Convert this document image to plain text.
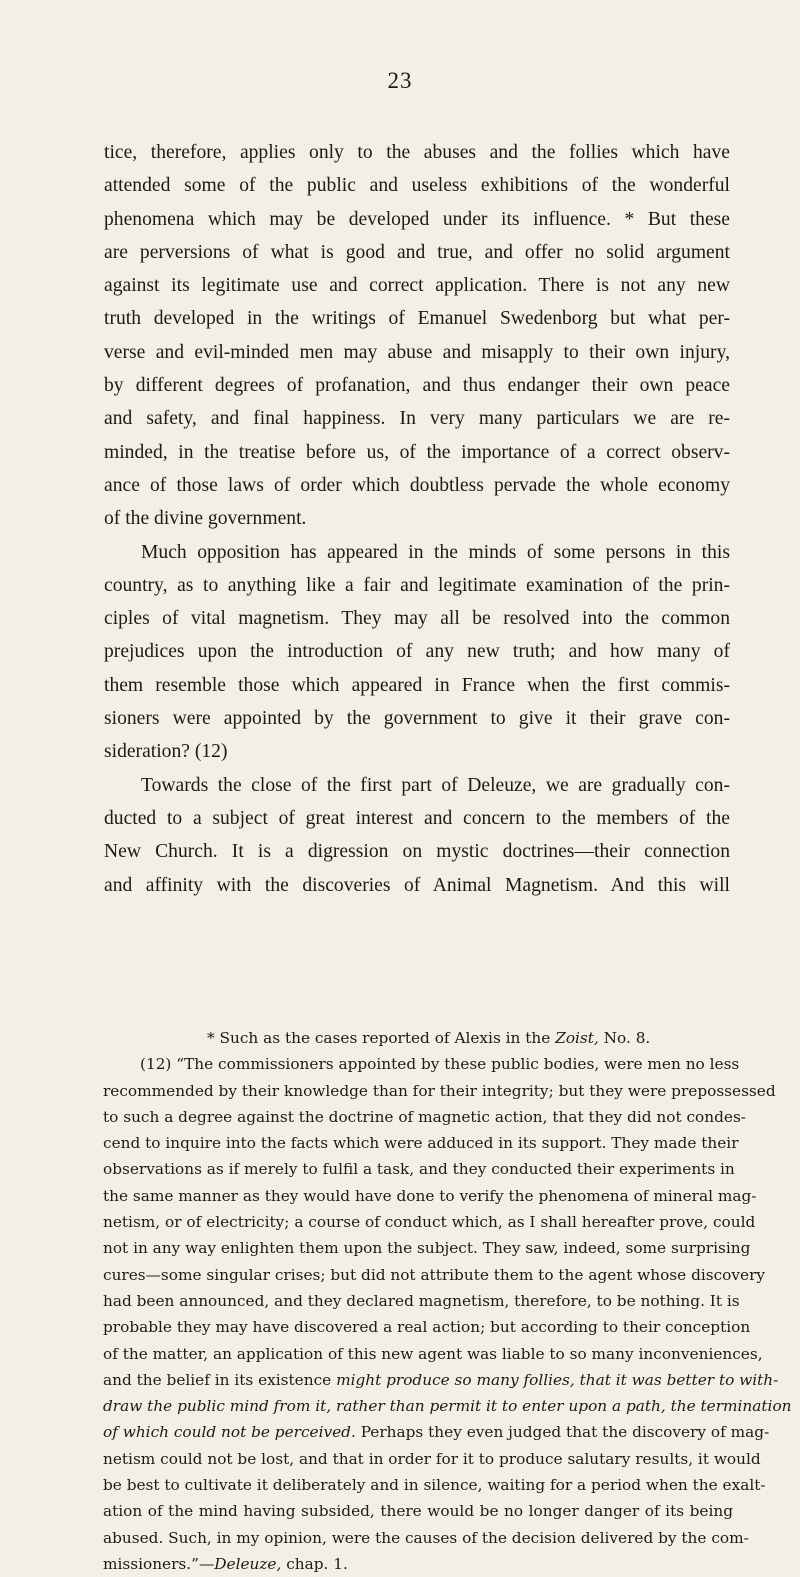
23
tice, therefore, applies only to the abuses and the follies which have
attended some of the public and useless exhibitions of the wonderful
phenomena which may be developed under its influence. * But these
are perversions of what is good and true, and offer no solid argument
against its legitimate use and correct application. There is not any new
truth developed in the writings of Emanuel Swedenborg but what per-
verse and evil-minded men may abuse and misapply to their own injury,
by different degrees of profanation, and thus endanger their own peace
and safety, and final happiness. In very many particulars we are re-
minded, in the treatise before us, of the importance of a correct observ-
ance of those laws of order which doubtless pervade the whole economy
of the divine government.
Much opposition has appeared in the minds of some persons in this
country, as to anything like a fair and legitimate examination of the prin-
ciples of vital magnetism. They may all be resolved into the common
prejudices upon the introduction of any new truth; and how many of
them resemble those which appeared in France when the first commis-
sioners were appointed by the government to give it their grave con-
sideration? (12)
Towards the close of the first part of Deleuze, we are gradually con-
ducted to a subject of great interest and concern to the members of the
New Church. It is a digression on mystic doctrines—their connection
and affinity with the discoveries of Animal Magnetism. And this will
* Such as the cases reported of Alexis in the Zoist, No. 8.
(12) “The commissioners appointed by these public bodies, were men no less
recommended by their knowledge than for their integrity; but they were prepossessed
to such a degree against the doctrine of magnetic action, that they did not condes-
cend to inquire into the facts which were adduced in its support. They made their
observations as if merely to fulfil a task, and they conducted their experiments in
the same manner as they would have done to verify the phenomena of mineral mag-
netism, or of electricity; a course of conduct which, as I shall hereafter prove, could
not in any way enlighten them upon the subject. They saw, indeed, some surprising
cures—some singular crises; but did not attribute them to the agent whose discovery
had been announced, and they declared magnetism, therefore, to be nothing. It is
probable they may have discovered a real action; but according to their conception
of the matter, an application of this new agent was liable to so many inconveniences,
and the belief in its existence might produce so many follies, that it was better to with-
draw the public mind from it, rather than permit it to enter upon a path, the termination
of which could not be perceived. Perhaps they even judged that the discovery of mag-
netism could not be lost, and that in order for it to produce salutary results, it would
be best to cultivate it deliberately and in silence, waiting for a period when the exalt-
ation of the mind having subsided, there would be no longer danger of its being
abused. Such, in my opinion, were the causes of the decision delivered by the com-
missioners.”—Deleuze, chap. 1.
